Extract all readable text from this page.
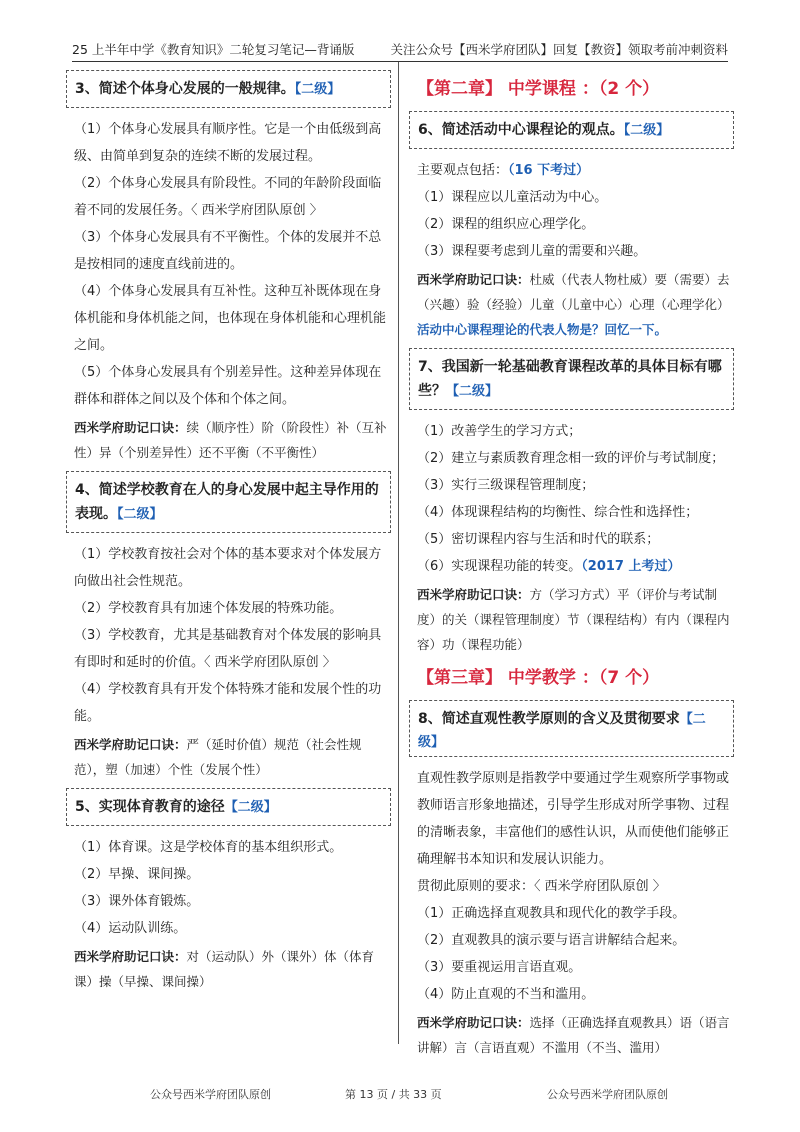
25 上半年中学《教育知识》二轮复习笔记—背诵版	关注公众号【西米学府团队】回复【教资】领取考前冲刺资料
3、简述个体身心发展的一般规律。【二级】

（1）个体身心发展具有顺序性。它是一个由低级到高级、由简单到复杂的连续不断的发展过程。

（2）个体身心发展具有阶段性。不同的年龄阶段面临着不同的发展任务。〈 西米学府团队原创 〉

（3）个体身心发展具有不平衡性。个体的发展并不总是按相同的速度直线前进的。

（4）个体身心发展具有互补性。这种互补既体现在身体机能和身体机能之间，也体现在身体机能和心理机能之间。

（5）个体身心发展具有个别差异性。这种差异体现在群体和群体之间以及个体和个体之间。

西米学府助记口诀：续（顺序性）阶（阶段性）补（互补性）异（个别差异性）还不平衡（不平衡性）

4、简述学校教育在人的身心发展中起主导作用的表现。【二级】

（1）学校教育按社会对个体的基本要求对个体发展方向做出社会性规范。

（2）学校教育具有加速个体发展的特殊功能。

（3）学校教育，尤其是基础教育对个体发展的影响具有即时和延时的价值。〈 西米学府团队原创 〉

（4）学校教育具有开发个体特殊才能和发展个性的功能。

西米学府助记口诀：严（延时价值）规范（社会性规范），塑（加速）个性（发展个性）

5、实现体育教育的途径【二级】

（1）体育课。这是学校体育的基本组织形式。

（2）早操、课间操。

（3）课外体育锻炼。

（4）运动队训练。

西米学府助记口诀：对（运动队）外（课外）体（体育课）操（早操、课间操）

【第二章】 中学课程 ：（2 个）
6、简述活动中心课程论的观点。【二级】

主要观点包括：（16 下考过）

（1）课程应以儿童活动为中心。

（2）课程的组织应心理学化。

（3）课程要考虑到儿童的需要和兴趣。

西米学府助记口诀：杜威（代表人物杜威）要（需要）去（兴趣）验（经验）儿童（儿童中心）心理（心理学化） 活动中心课程理论的代表人物是？回忆一下。

7、我国新一轮基础教育课程改革的具体目标有哪些？【二级】

（1）改善学生的学习方式；

（2）建立与素质教育理念相一致的评价与考试制度；

（3）实行三级课程管理制度；

（4）体现课程结构的均衡性、综合性和选择性；

（5）密切课程内容与生活和时代的联系；

（6）实现课程功能的转变。（2017 上考过）

西米学府助记口诀：方（学习方式）平（评价与考试制度）的关（课程管理制度）节（课程结构）有内（课程内容）功（课程功能）

【第三章】 中学教学 ：（7 个）
8、简述直观性教学原则的含义及贯彻要求【二级】

直观性教学原则是指教学中要通过学生观察所学事物或教师语言形象地描述，引导学生形成对所学事物、过程的清晰表象，丰富他们的感性认识，从而使他们能够正确理解书本知识和发展认识能力。

贯彻此原则的要求：〈 西米学府团队原创 〉

（1）正确选择直观教具和现代化的教学手段。

（2）直观教具的演示要与语言讲解结合起来。

（3）要重视运用言语直观。

（4）防止直观的不当和滥用。

西米学府助记口诀：选择（正确选择直观教具）语（语言讲解）言（言语直观）不滥用（不当、滥用）

公众号西米学府团队原创	第 13 页 / 共 33 页	公众号西米学府团队原创
